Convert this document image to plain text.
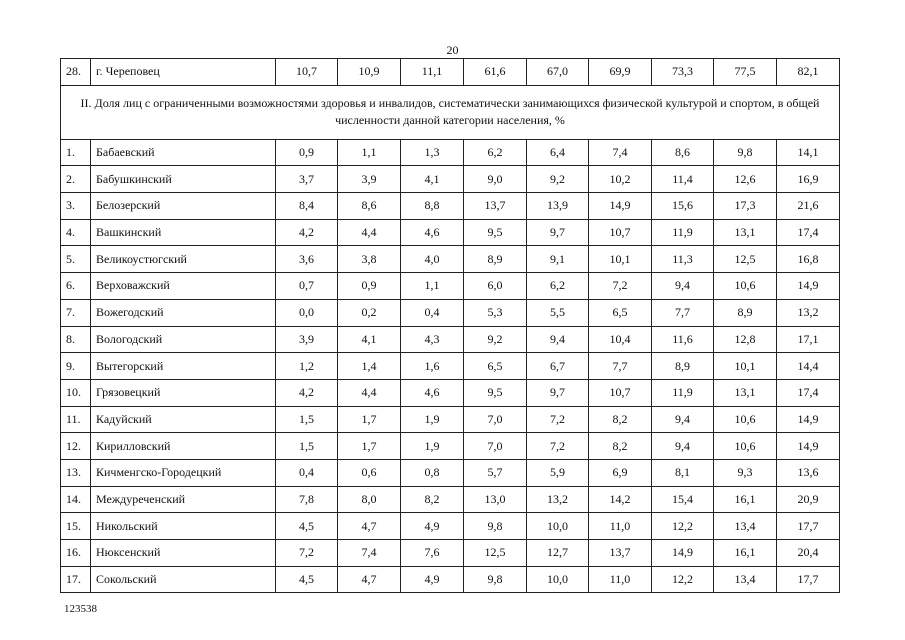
20
28.	г. Череповец	10,7	10,9	11,1	61,6	67,0	69,9	73,3	77,5	82,1
II. Доля лиц с ограниченными возможностями здоровья и инвалидов, систематически занимающихся физической культурой и спортом, в общей численности данной категории населения, %										
1.	Бабаевский	0,9	1,1	1,3	6,2	6,4	7,4	8,6	9,8	14,1
2.	Бабушкинский	3,7	3,9	4,1	9,0	9,2	10,2	11,4	12,6	16,9
3.	Белозерский	8,4	8,6	8,8	13,7	13,9	14,9	15,6	17,3	21,6
4.	Вашкинский	4,2	4,4	4,6	9,5	9,7	10,7	11,9	13,1	17,4
5.	Великоустюгский	3,6	3,8	4,0	8,9	9,1	10,1	11,3	12,5	16,8
6.	Верховажский	0,7	0,9	1,1	6,0	6,2	7,2	9,4	10,6	14,9
7.	Вожегодский	0,0	0,2	0,4	5,3	5,5	6,5	7,7	8,9	13,2
8.	Вологодский	3,9	4,1	4,3	9,2	9,4	10,4	11,6	12,8	17,1
9.	Вытегорский	1,2	1,4	1,6	6,5	6,7	7,7	8,9	10,1	14,4
10.	Грязовецкий	4,2	4,4	4,6	9,5	9,7	10,7	11,9	13,1	17,4
11.	Кадуйский	1,5	1,7	1,9	7,0	7,2	8,2	9,4	10,6	14,9
12.	Кирилловский	1,5	1,7	1,9	7,0	7,2	8,2	9,4	10,6	14,9
13.	Кичменгско-Городецкий	0,4	0,6	0,8	5,7	5,9	6,9	8,1	9,3	13,6
14.	Междуреченский	7,8	8,0	8,2	13,0	13,2	14,2	15,4	16,1	20,9
15.	Никольский	4,5	4,7	4,9	9,8	10,0	11,0	12,2	13,4	17,7
16.	Нюксенский	7,2	7,4	7,6	12,5	12,7	13,7	14,9	16,1	20,4
17.	Сокольский	4,5	4,7	4,9	9,8	10,0	11,0	12,2	13,4	17,7
123538
